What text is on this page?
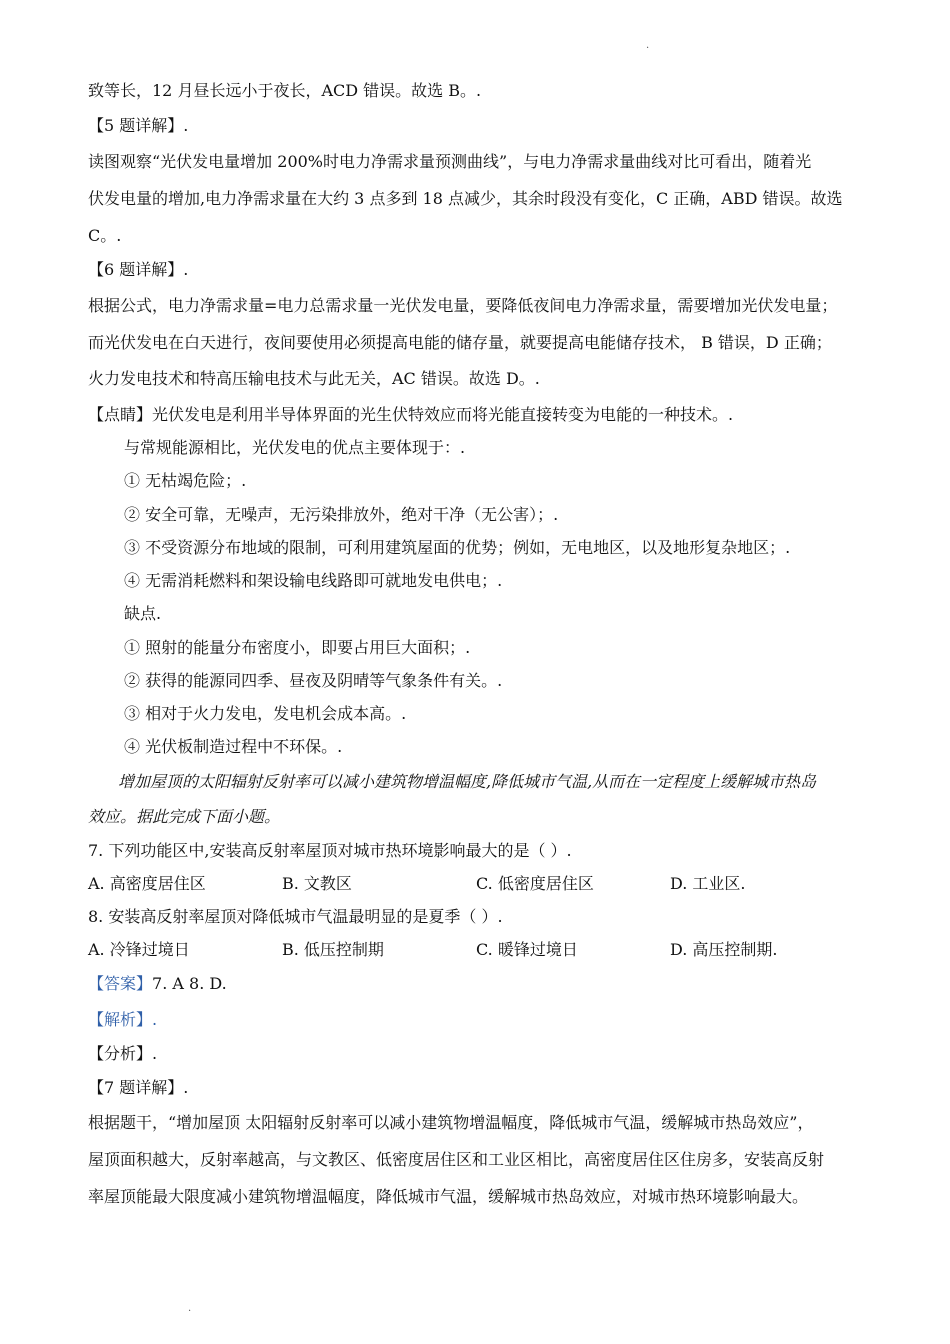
.
致等长，12 月昼长远小于夜长，ACD 错误。故选 B。.
【5 题详解】.
读图观察“光伏发电量增加 200%时电力净需求量预测曲线”，与电力净需求量曲线对比可看出，随着光
伏发电量的增加,电力净需求量在大约 3 点多到 18 点减少，其余时段没有变化，C 正确，ABD 错误。故选
C。.
【6 题详解】.
根据公式，电力净需求量=电力总需求量一光伏发电量，要降低夜间电力净需求量，需要增加光伏发电量；
而光伏发电在白天进行，夜间要使用必须提高电能的储存量，就要提高电能储存技术， B 错误，D 正确；
火力发电技术和特高压输电技术与此无关，AC 错误。故选 D。.
【点睛】光伏发电是利用半导体界面的光生伏特效应而将光能直接转变为电能的一种技术。.
与常规能源相比，光伏发电的优点主要体现于：.
① 无枯竭危险；.
② 安全可靠，无噪声，无污染排放外，绝对干净（无公害）；.
③ 不受资源分布地域的限制，可利用建筑屋面的优势；例如，无电地区，以及地形复杂地区；.
④ 无需消耗燃料和架设输电线路即可就地发电供电；.
缺点.
① 照射的能量分布密度小，即要占用巨大面积；.
② 获得的能源同四季、昼夜及阴晴等气象条件有关。.
③ 相对于火力发电，发电机会成本高。.
④ 光伏板制造过程中不环保。.
增加屋顶的太阳辐射反射率可以减小建筑物增温幅度,降低城市气温,从而在一定程度上缓解城市热岛
效应。据此完成下面小题。
7. 下列功能区中,安装高反射率屋顶对城市热环境影响最大的是（ ）.
A. 高密度居住区	B. 文教区	C. 低密度居住区	D. 工业区.
8. 安装高反射率屋顶对降低城市气温最明显的是夏季（ ）.
A. 冷锋过境日	B. 低压控制期	C. 暖锋过境日	D. 高压控制期.
【答案】7. A 8. D.
【解析】.
【分析】.
【7 题详解】.
根据题干，“增加屋顶 太阳辐射反射率可以减小建筑物增温幅度，降低城市气温，缓解城市热岛效应”，
屋顶面积越大，反射率越高，与文教区、低密度居住区和工业区相比，高密度居住区住房多，安装高反射
率屋顶能最大限度减小建筑物增温幅度，降低城市气温，缓解城市热岛效应，对城市热环境影响最大。
.
